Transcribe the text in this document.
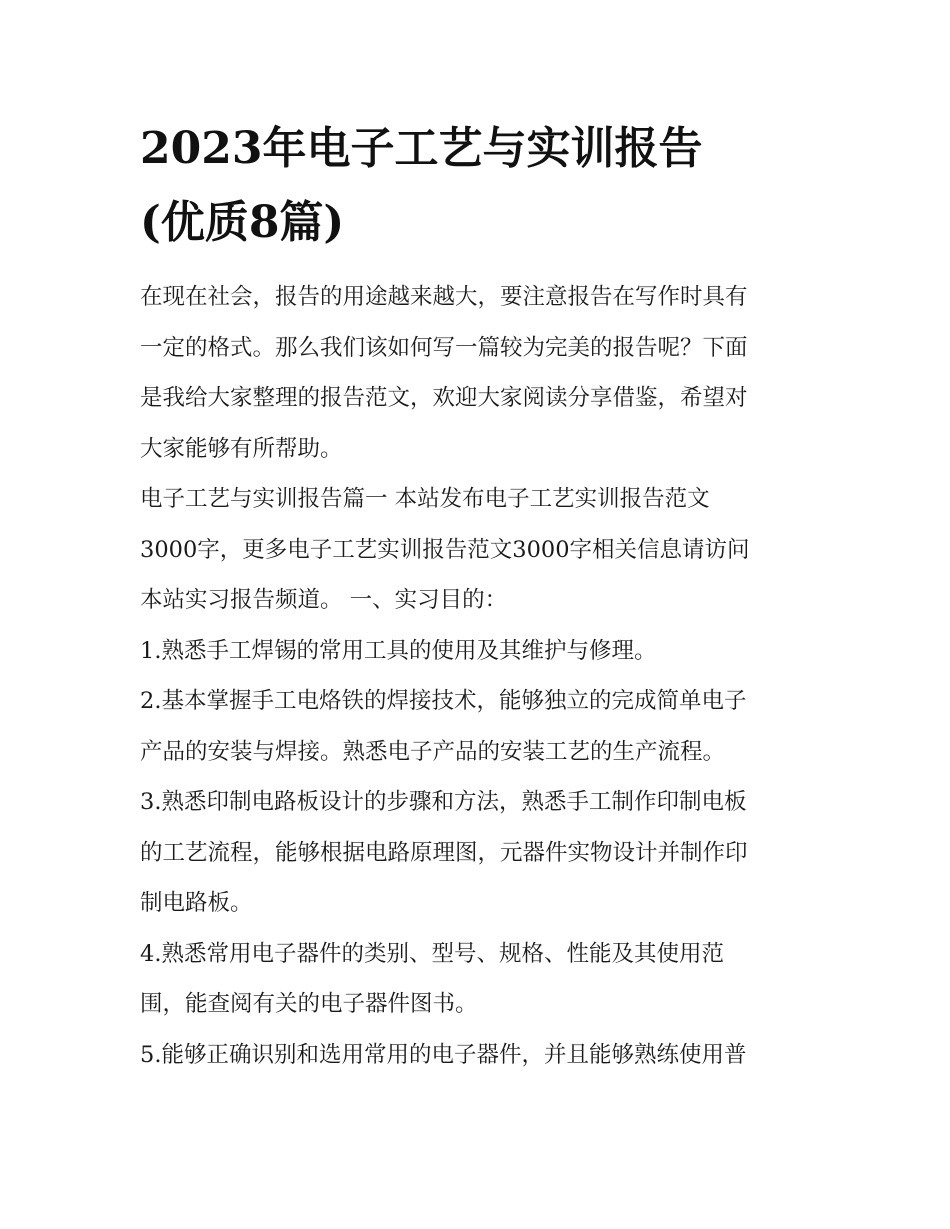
2023年电子工艺与实训报告
(优质8篇)

在现在社会，报告的用途越来越大，要注意报告在写作时具有
一定的格式。那么我们该如何写一篇较为完美的报告呢？下面
是我给大家整理的报告范文，欢迎大家阅读分享借鉴，希望对
大家能够有所帮助。

电子工艺与实训报告篇一 本站发布电子工艺实训报告范文
3000字，更多电子工艺实训报告范文3000字相关信息请访问
本站实习报告频道。 一、实习目的：

1.熟悉手工焊锡的常用工具的使用及其维护与修理。

2.基本掌握手工电烙铁的焊接技术，能够独立的完成简单电子
产品的安装与焊接。熟悉电子产品的安装工艺的生产流程。

3.熟悉印制电路板设计的步骤和方法，熟悉手工制作印制电板
的工艺流程，能够根据电路原理图，元器件实物设计并制作印
制电路板。

4.熟悉常用电子器件的类别、型号、规格、性能及其使用范
围，能查阅有关的电子器件图书。

5.能够正确识别和选用常用的电子器件，并且能够熟练使用普
